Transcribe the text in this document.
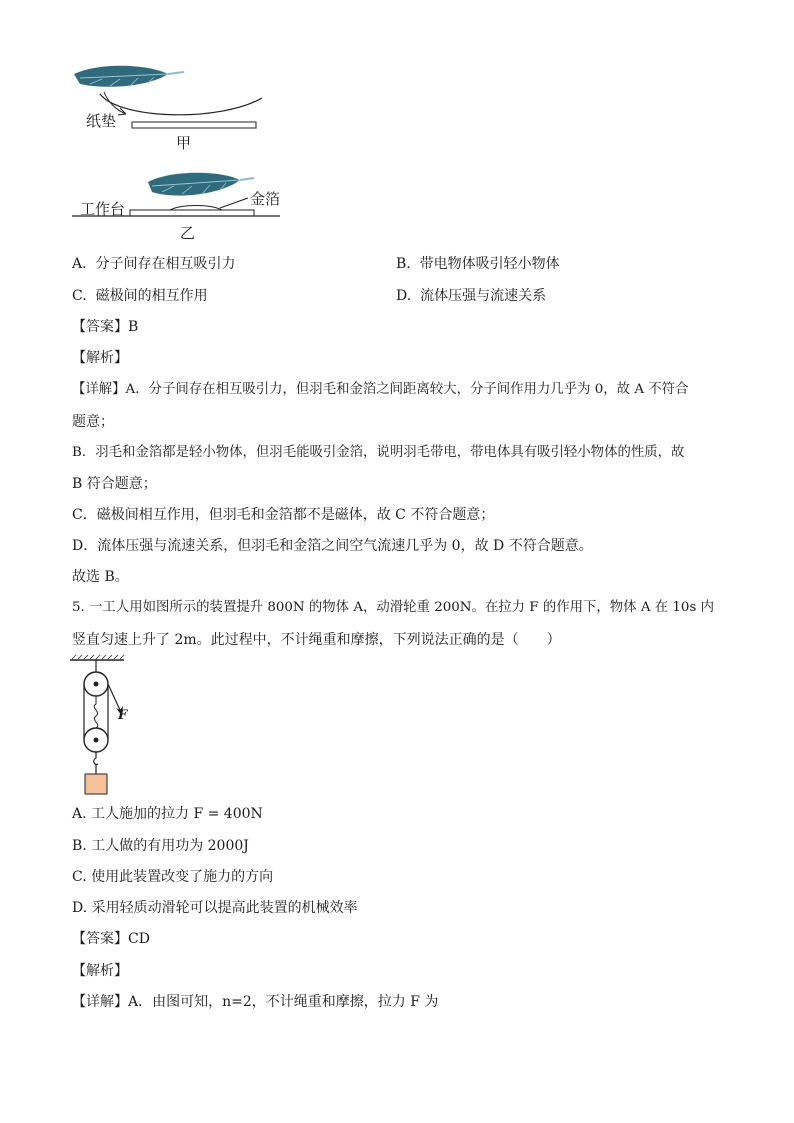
纸垫
甲
金箔
工作台
乙
A. 分子间存在相互吸引力	B. 带电物体吸引轻小物体
C. 磁极间的相互作用	D. 流体压强与流速关系
【答案】B
【解析】
【详解】A．分子间存在相互吸引力，但羽毛和金箔之间距离较大，分子间作用力几乎为 0，故 A 不符合
题意；
B．羽毛和金箔都是轻小物体，但羽毛能吸引金箔，说明羽毛带电，带电体具有吸引轻小物体的性质，故
B 符合题意；
C．磁极间相互作用，但羽毛和金箔都不是磁体，故 C 不符合题意；
D．流体压强与流速关系，但羽毛和金箔之间空气流速几乎为 0，故 D 不符合题意。
故选 B。
5. 一工人用如图所示的装置提升 800N 的物体 A，动滑轮重 200N。在拉力 F 的作用下，物体 A 在 10s 内
竖直匀速上升了 2m。此过程中，不计绳重和摩擦，下列说法正确的是（　　）
F
A. 工人施加的拉力 F = 400N
B. 工人做的有用功为 2000J
C. 使用此装置改变了施力的方向
D. 采用轻质动滑轮可以提高此装置的机械效率
【答案】CD
【解析】
【详解】A．由图可知，n=2，不计绳重和摩擦，拉力 F 为
